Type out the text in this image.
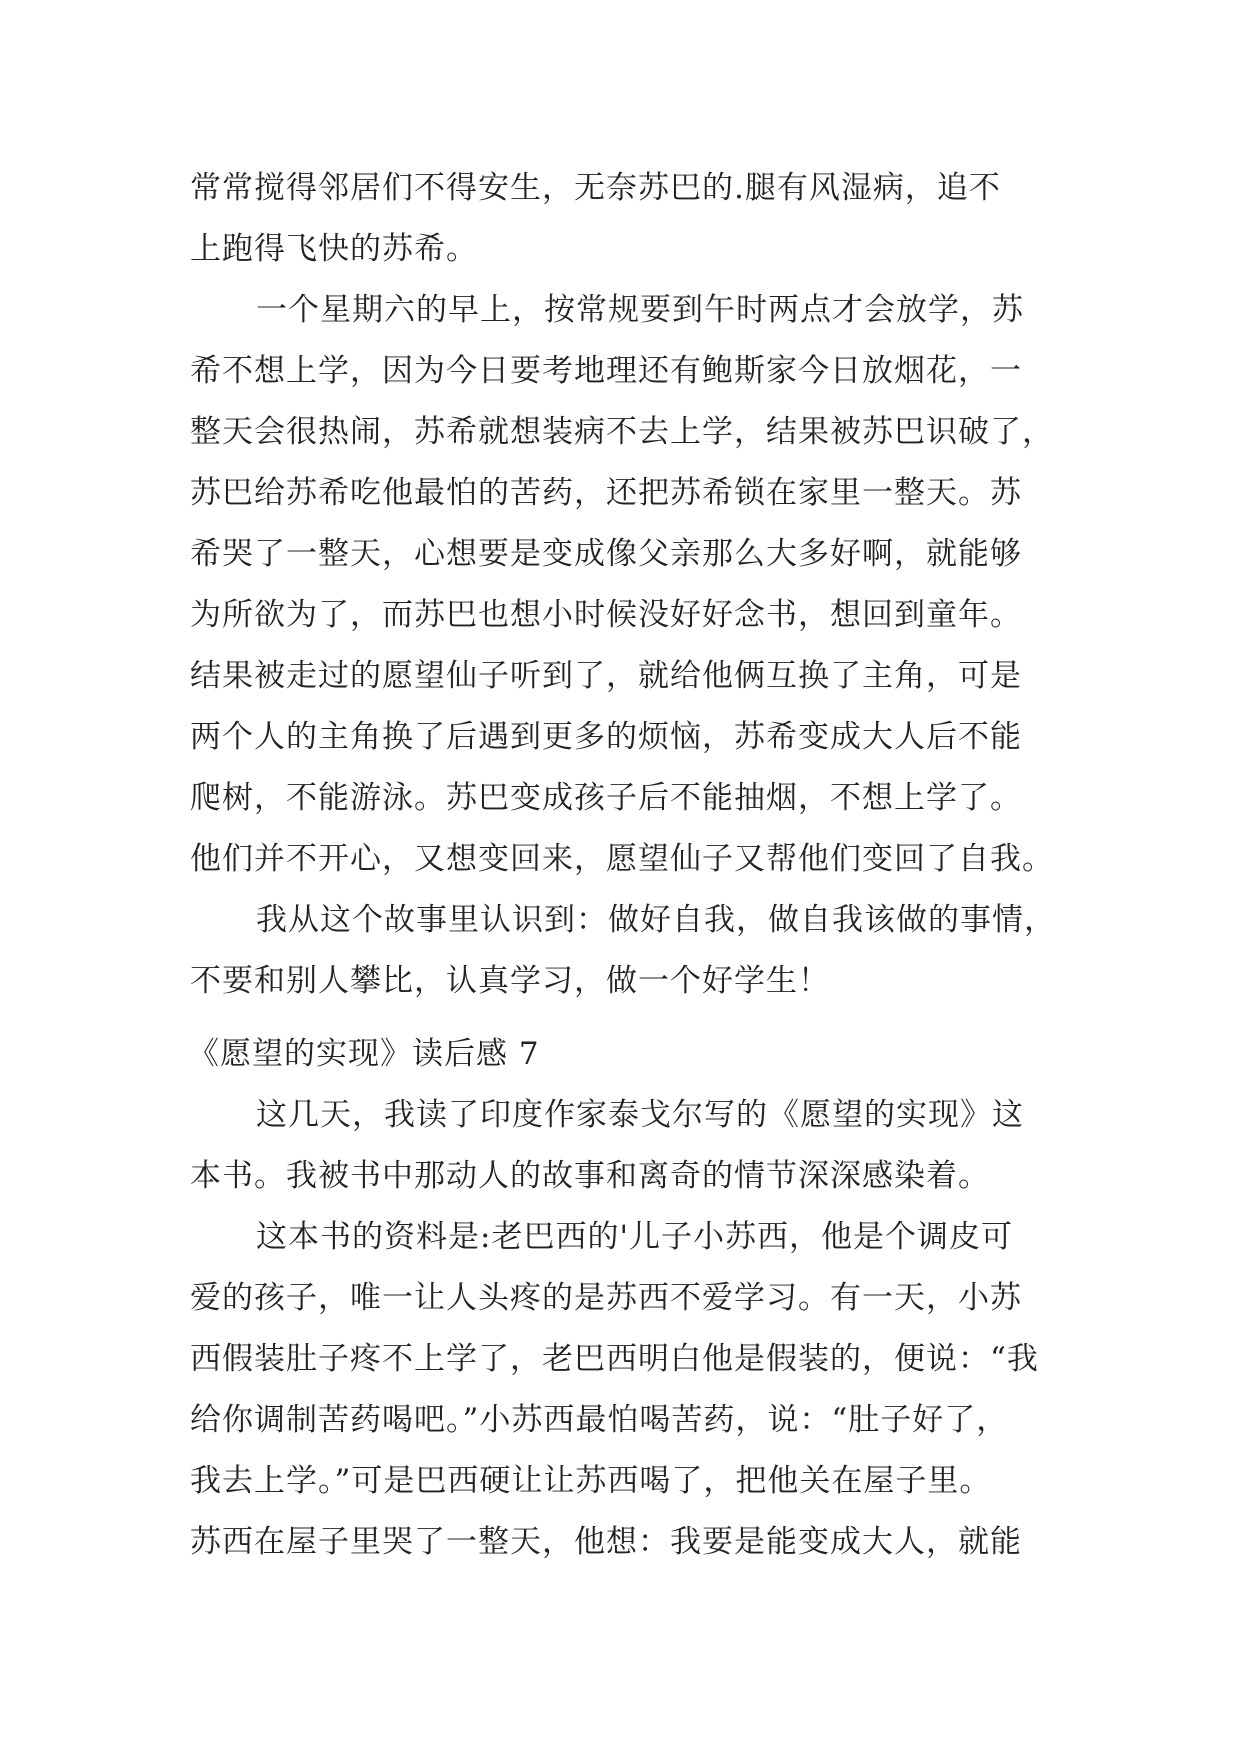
常常搅得邻居们不得安生，无奈苏巴的.腿有风湿病，追不
上跑得飞快的苏希。
一个星期六的早上，按常规要到午时两点才会放学，苏
希不想上学，因为今日要考地理还有鲍斯家今日放烟花，一
整天会很热闹，苏希就想装病不去上学，结果被苏巴识破了，
苏巴给苏希吃他最怕的苦药，还把苏希锁在家里一整天。苏
希哭了一整天，心想要是变成像父亲那么大多好啊，就能够
为所欲为了，而苏巴也想小时候没好好念书，想回到童年。
结果被走过的愿望仙子听到了，就给他俩互换了主角，可是
两个人的主角换了后遇到更多的烦恼，苏希变成大人后不能
爬树，不能游泳。苏巴变成孩子后不能抽烟，不想上学了。
他们并不开心，又想变回来，愿望仙子又帮他们变回了自我。
我从这个故事里认识到：做好自我，做自我该做的事情，
不要和别人攀比，认真学习，做一个好学生！
《愿望的实现》读后感 7
这几天，我读了印度作家泰戈尔写的《愿望的实现》这
本书。我被书中那动人的故事和离奇的情节深深感染着。
这本书的资料是:老巴西的'儿子小苏西，他是个调皮可
爱的孩子，唯一让人头疼的是苏西不爱学习。有一天，小苏
西假装肚子疼不上学了，老巴西明白他是假装的，便说：“我
给你调制苦药喝吧。”小苏西最怕喝苦药，说：“肚子好了，
我去上学。”可是巴西硬让让苏西喝了，把他关在屋子里。
苏西在屋子里哭了一整天，他想：我要是能变成大人，就能
